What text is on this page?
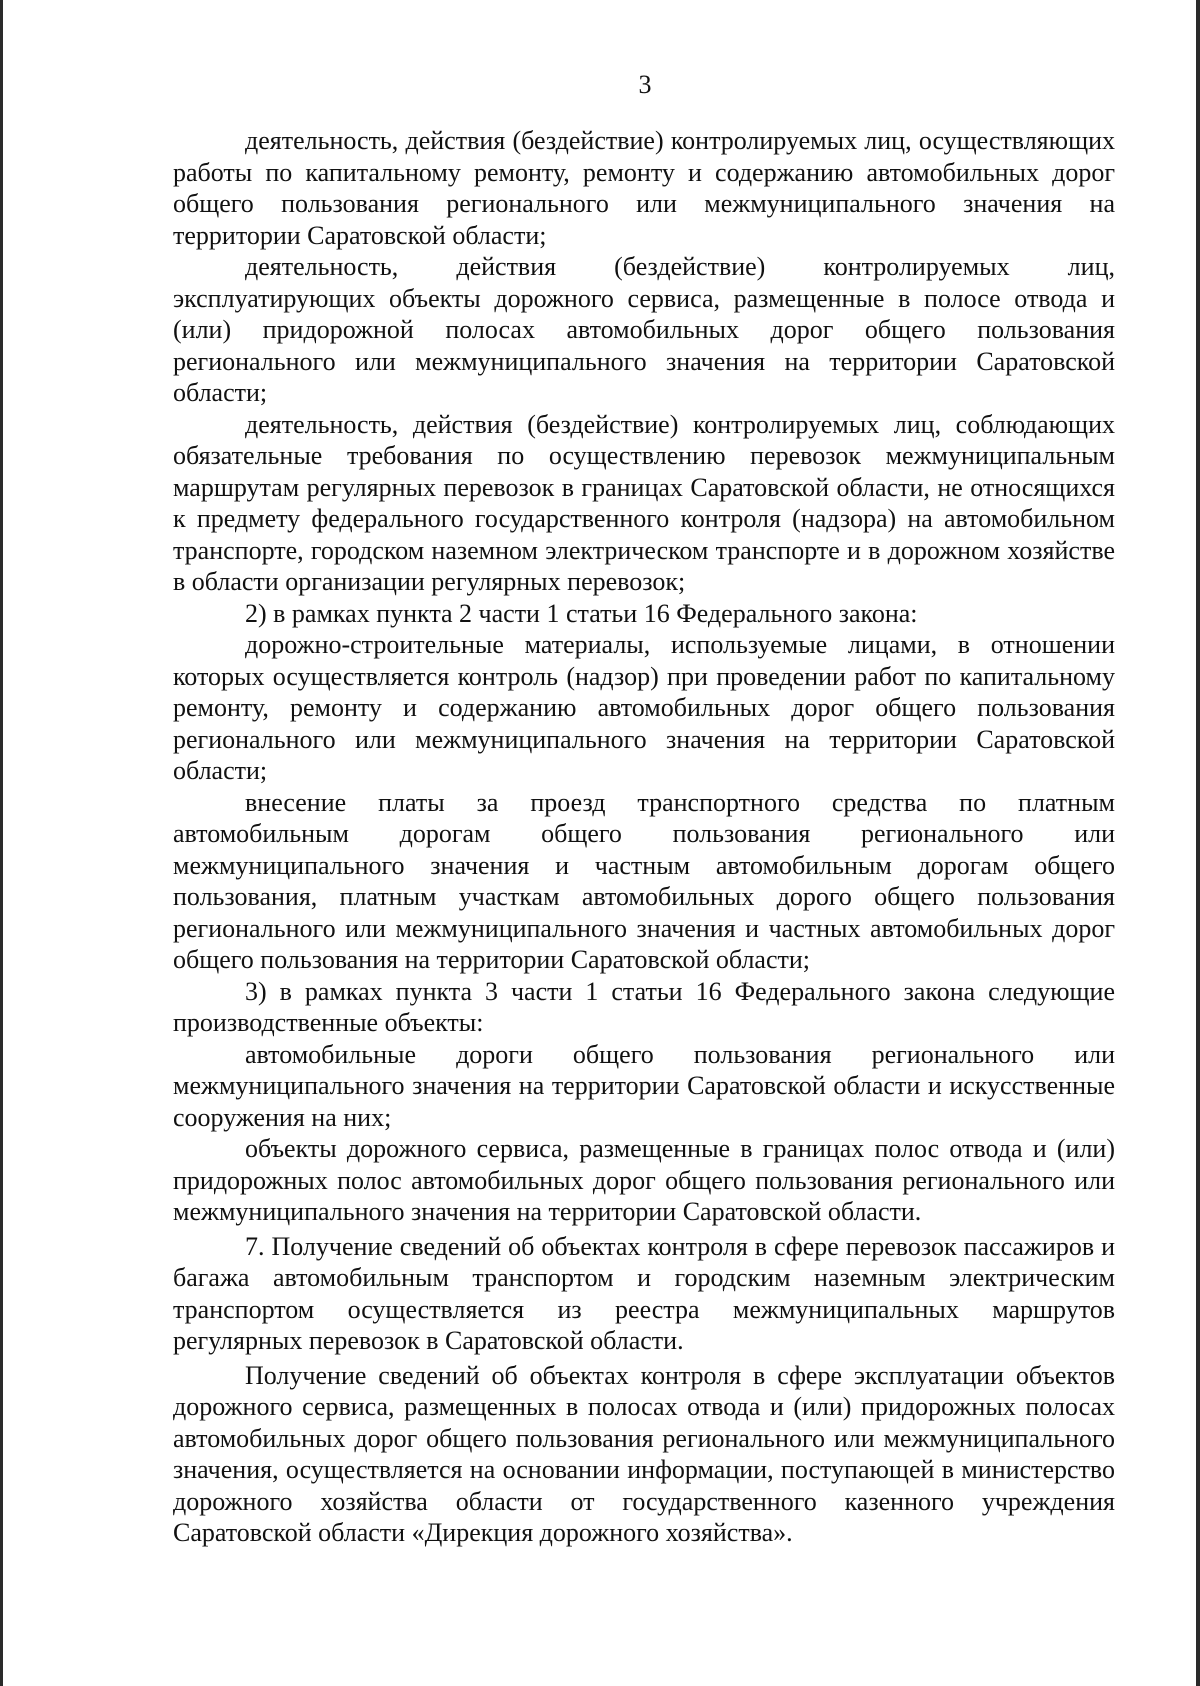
3

деятельность, действия (бездействие) контролируемых лиц, осуществляющих работы по капитальному ремонту, ремонту и содержанию автомобильных дорог общего пользования регионального или межмуниципального значения на территории Саратовской области;

деятельность, действия (бездействие) контролируемых лиц, эксплуатирующих объекты дорожного сервиса, размещенные в полосе отвода и (или) придорожной полосах автомобильных дорог общего пользования регионального или межмуниципального значения на территории Саратовской области;

деятельность, действия (бездействие) контролируемых лиц, соблюдающих обязательные требования по осуществлению перевозок межмуниципальным маршрутам регулярных перевозок в границах Саратовской области, не относящихся к предмету федерального государственного контроля (надзора) на автомобильном транспорте, городском наземном электрическом транспорте и в дорожном хозяйстве в области организации регулярных перевозок;

2) в рамках пункта 2 части 1 статьи 16 Федерального закона:

дорожно-строительные материалы, используемые лицами, в отношении которых осуществляется контроль (надзор) при проведении работ по капитальному ремонту, ремонту и содержанию автомобильных дорог общего пользования регионального или межмуниципального значения на территории Саратовской области;

внесение платы за проезд транспортного средства по платным автомобильным дорогам общего пользования регионального или межмуниципального значения и частным автомобильным дорогам общего пользования, платным участкам автомобильных дорого общего пользования регионального или межмуниципального значения и частных автомобильных дорог общего пользования на территории Саратовской области;

3) в рамках пункта 3 части 1 статьи 16 Федерального закона следующие производственные объекты:

автомобильные дороги общего пользования регионального или межмуниципального значения на территории Саратовской области и искусственные сооружения на них;

объекты дорожного сервиса, размещенные в границах полос отвода и (или) придорожных полос автомобильных дорог общего пользования регионального или межмуниципального значения на территории Саратовской области.

7. Получение сведений об объектах контроля в сфере перевозок пассажиров и багажа автомобильным транспортом и городским наземным электрическим транспортом осуществляется из реестра межмуниципальных маршрутов регулярных перевозок в Саратовской области.

Получение сведений об объектах контроля в сфере эксплуатации объектов дорожного сервиса, размещенных в полосах отвода и (или) придорожных полосах автомобильных дорог общего пользования регионального или межмуниципального значения, осуществляется на основании информации, поступающей в министерство дорожного хозяйства области от государственного казенного учреждения Саратовской области «Дирекция дорожного хозяйства».
